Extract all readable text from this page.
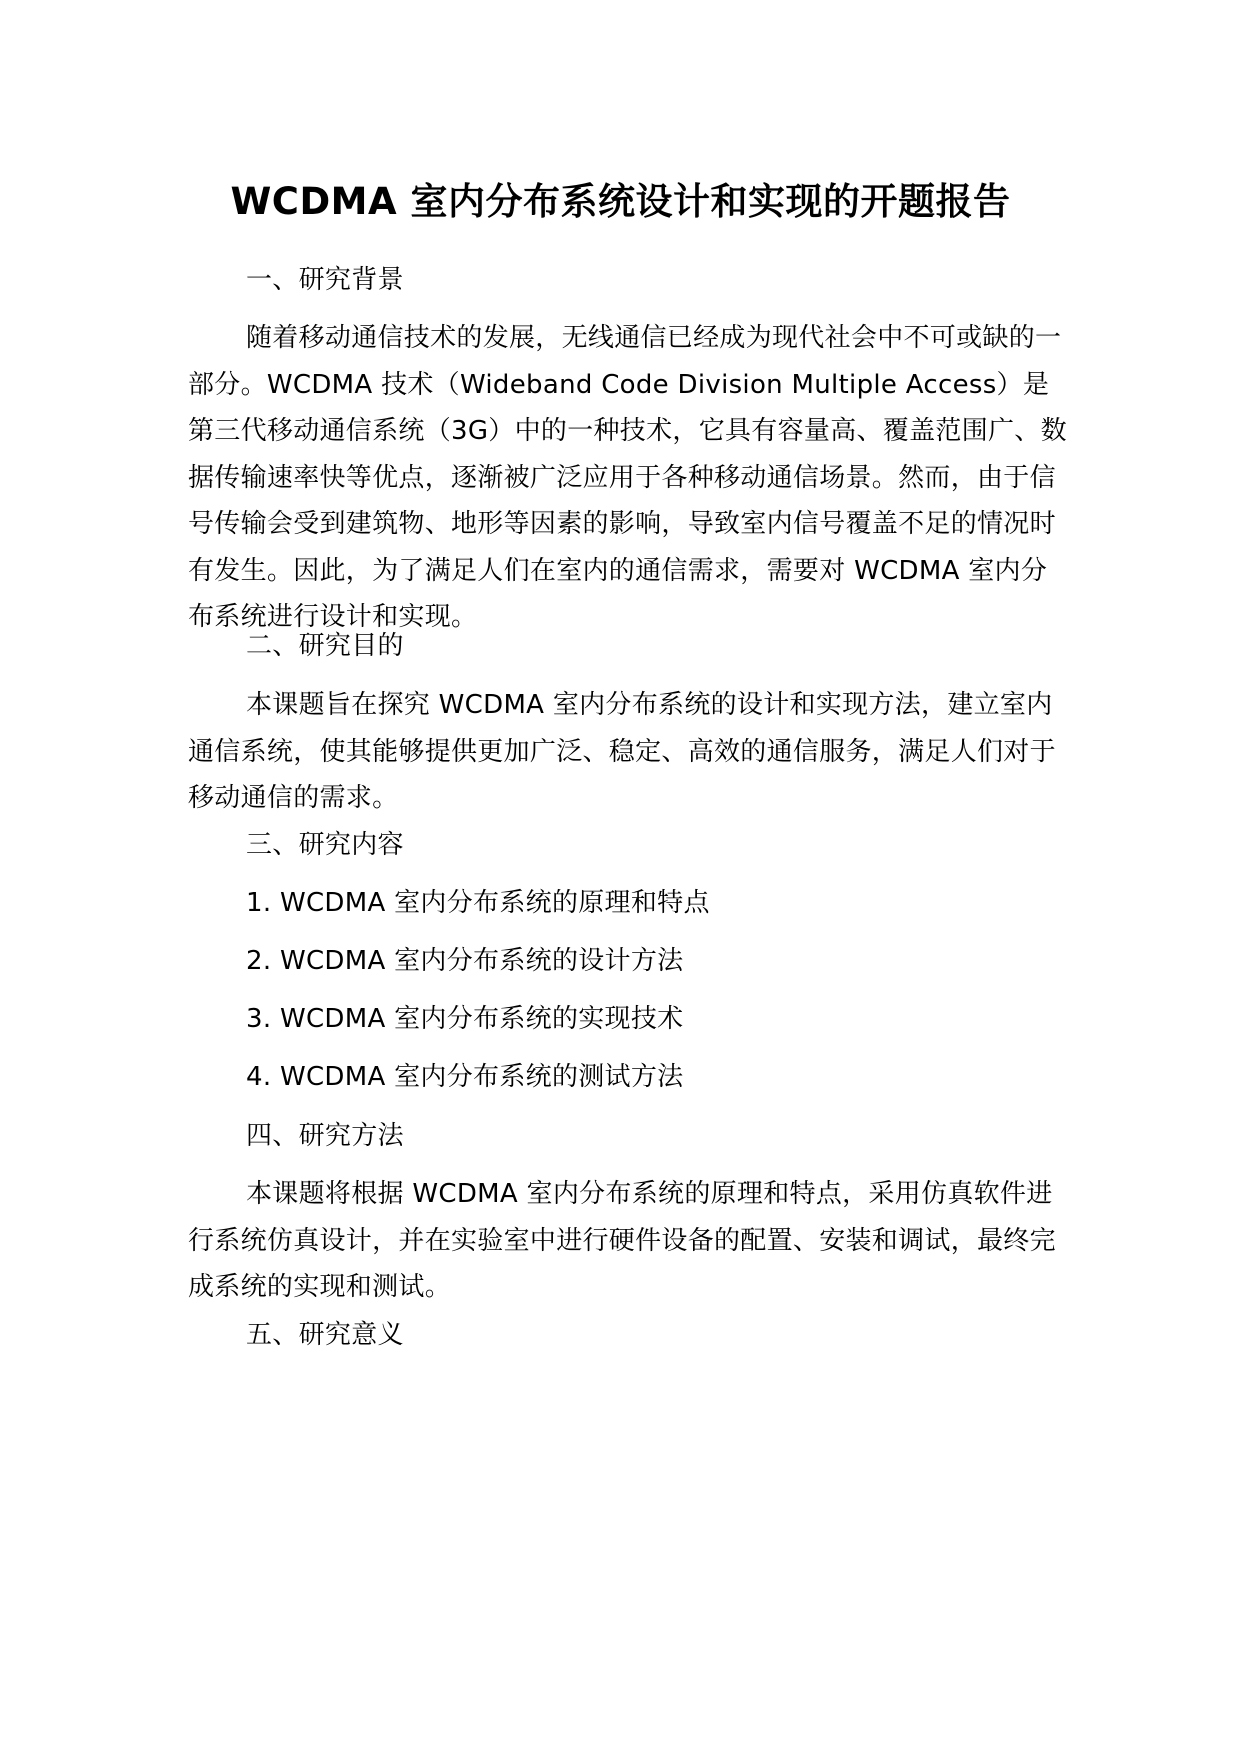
WCDMA 室内分布系统设计和实现的开题报告
一、研究背景
随着移动通信技术的发展，无线通信已经成为现代社会中不可或缺的一部分。WCDMA 技术（Wideband Code Division Multiple Access）是第三代移动通信系统（3G）中的一种技术，它具有容量高、覆盖范围广、数据传输速率快等优点，逐渐被广泛应用于各种移动通信场景。然而，由于信号传输会受到建筑物、地形等因素的影响，导致室内信号覆盖不足的情况时有发生。因此，为了满足人们在室内的通信需求，需要对 WCDMA 室内分布系统进行设计和实现。
二、研究目的
本课题旨在探究 WCDMA 室内分布系统的设计和实现方法，建立室内通信系统，使其能够提供更加广泛、稳定、高效的通信服务，满足人们对于移动通信的需求。
三、研究内容
1. WCDMA 室内分布系统的原理和特点
2. WCDMA 室内分布系统的设计方法
3. WCDMA 室内分布系统的实现技术
4. WCDMA 室内分布系统的测试方法
四、研究方法
本课题将根据 WCDMA 室内分布系统的原理和特点，采用仿真软件进行系统仿真设计，并在实验室中进行硬件设备的配置、安装和调试，最终完成系统的实现和测试。
五、研究意义
